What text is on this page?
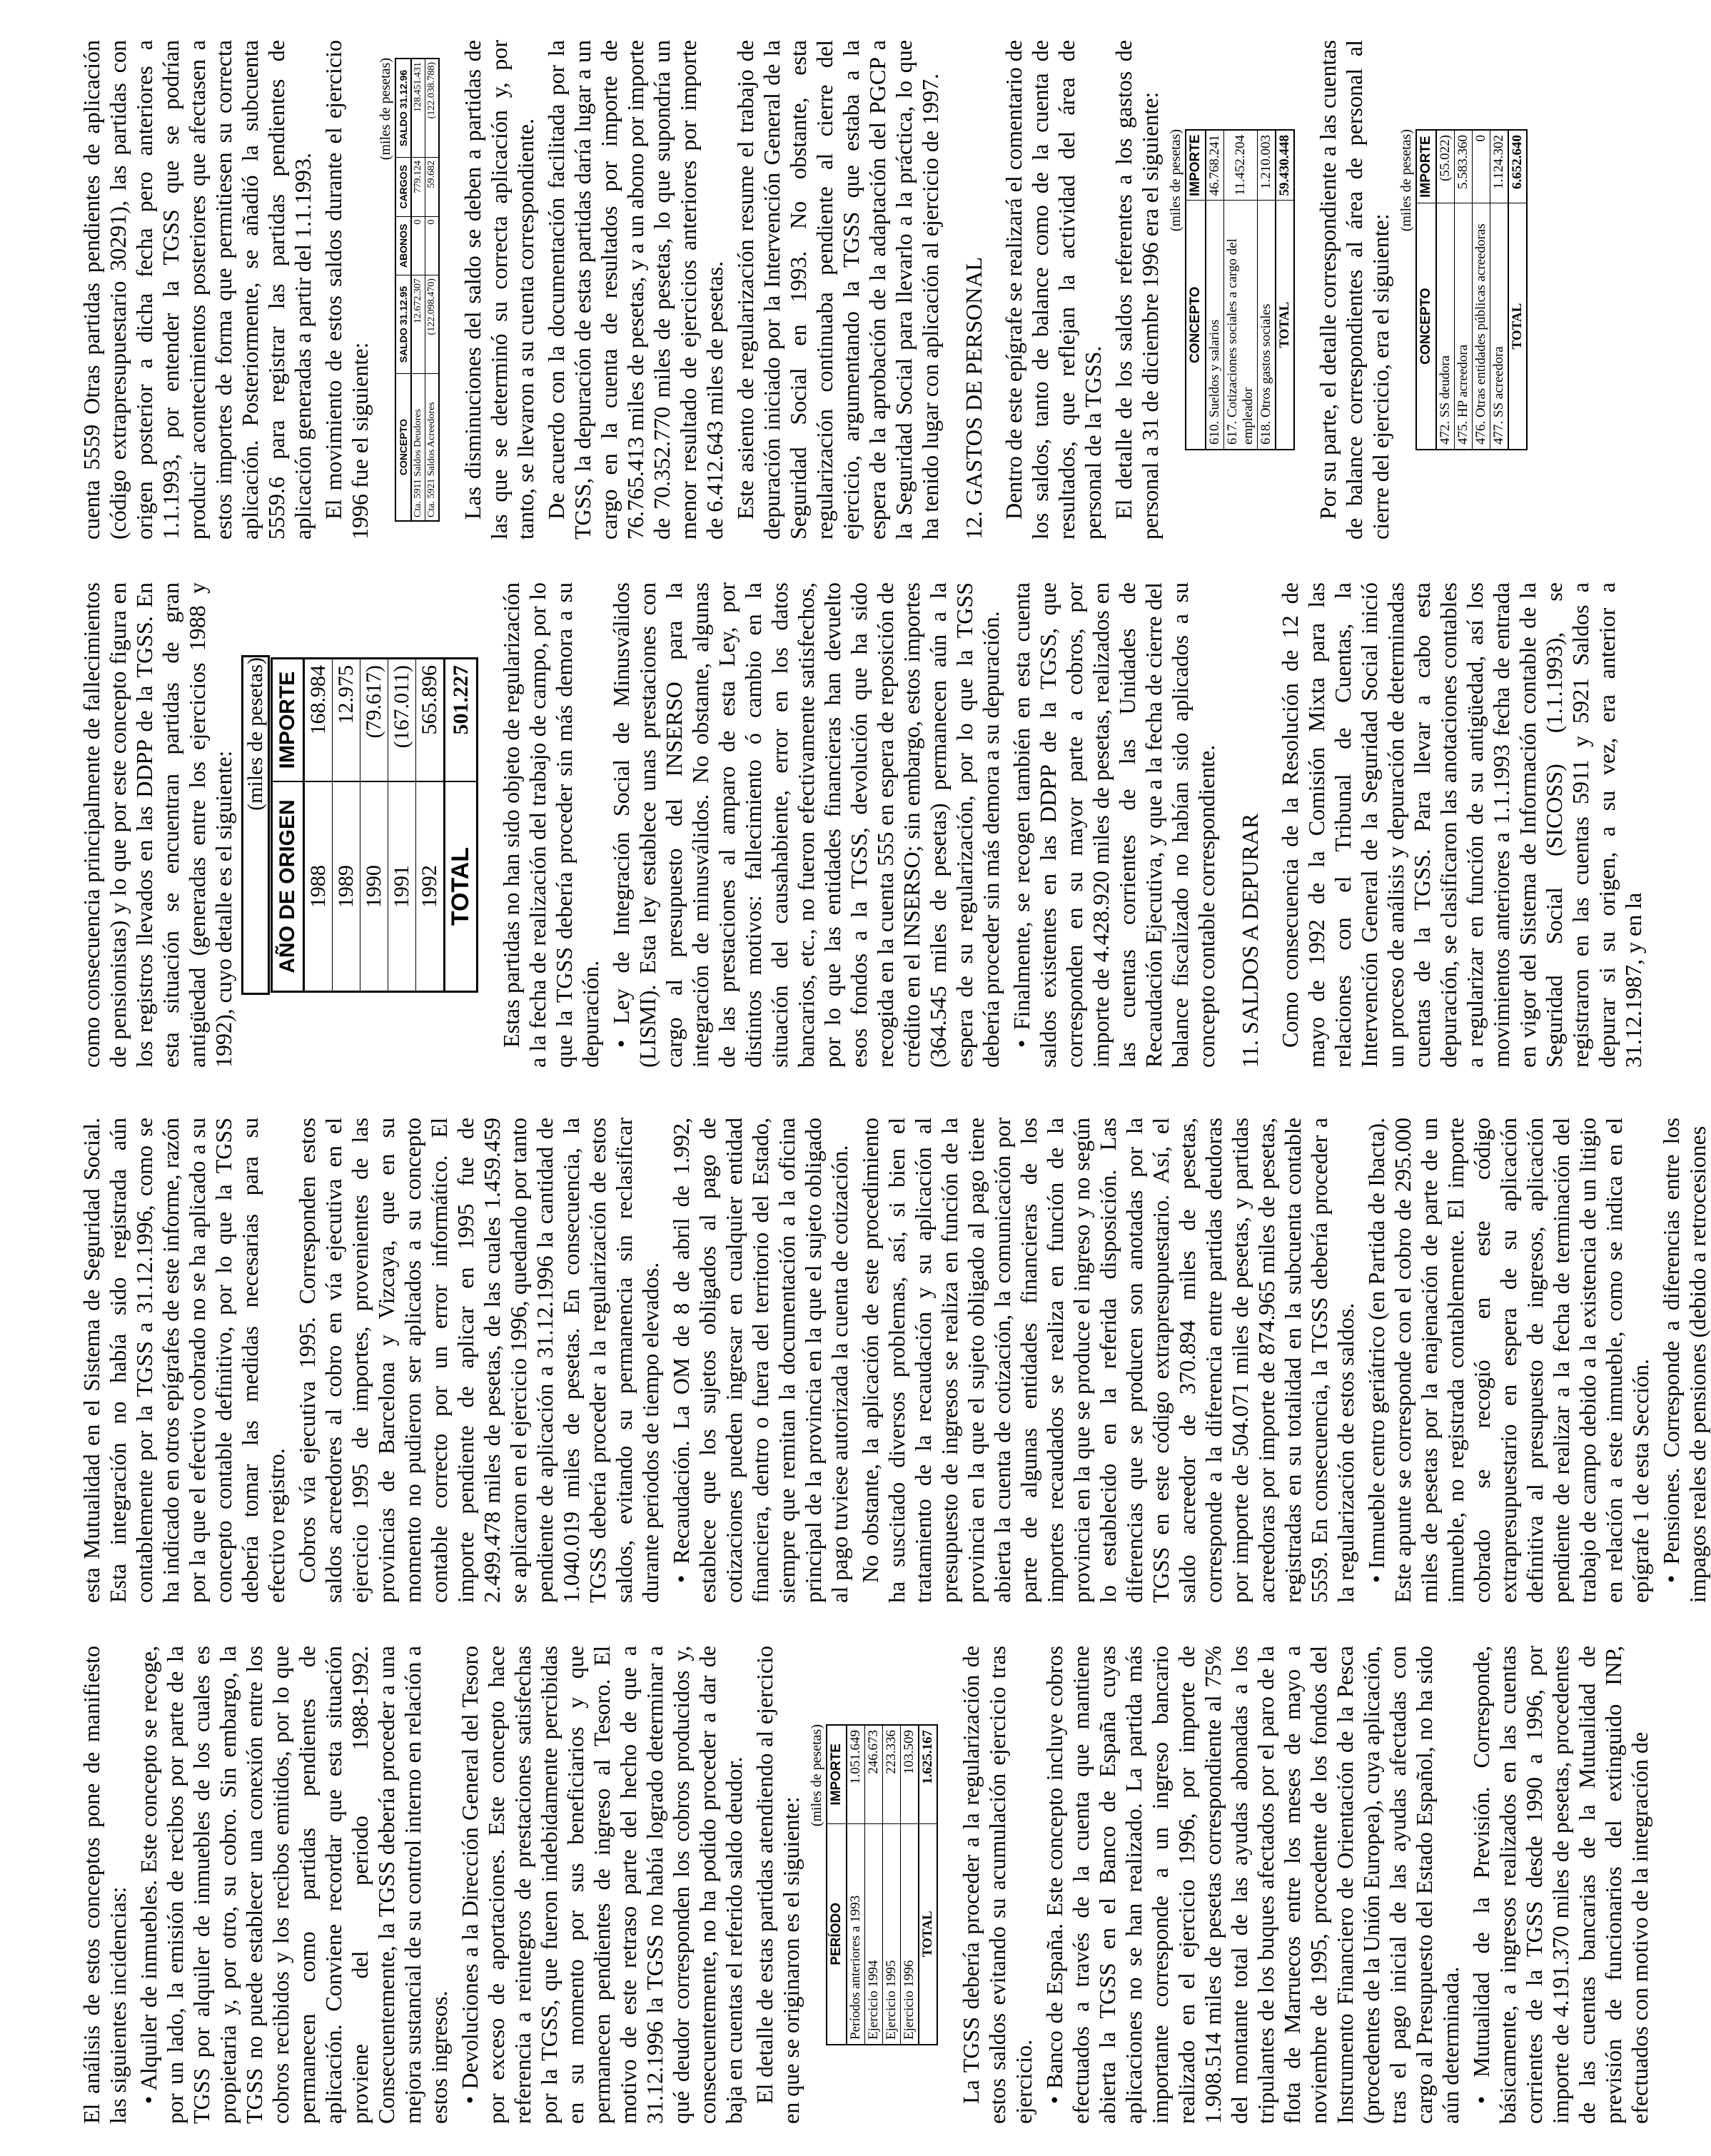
El análisis de estos conceptos pone de manifiesto las siguientes incidencias: • Alquiler de inmuebles. Este concepto se recoge, por un lado, la emisión de recibos por parte de la TGSS por alquiler de inmuebles de los cuales es propietaria y, por otro, su cobro. Sin embargo, la TGSS no puede establecer una conexión entre los cobros recibidos y los recibos emitidos, por lo que permanecen como partidas pendientes de aplicación. Conviene recordar que esta situación proviene del periodo 1988-1992. Consecuentemente, la TGSS debería proceder a una mejora sustancial de su control interno en relación a estos ingresos. • Devoluciones a la Dirección General del Tesoro por exceso de aportaciones. Este concepto hace referencia a reintegros de prestaciones satisfechas por la TGSS, que fueron indebidamente percibidas en su momento por sus beneficiarios y que permanecen pendientes de ingreso al Tesoro. El motivo de este retraso parte del hecho de que a 31.12.1996 la TGSS no había logrado determinar a qué deudor corresponden los cobros producidos y, consecuentemente, no ha podido proceder a dar de baja en cuentas el referido saldo deudor. El detalle de estas partidas atendiendo al ejercicio en que se originaron es el siguiente:

(miles de pesetas)
PERÍODO	IMPORTE
Períodos anteriores a 1993	1.051.649
Ejercicio 1994	246.673
Ejercicio 1995	223.336
Ejercicio 1996	103.509
TOTAL	1.625.167 La TGSS debería proceder a la regularización de estos saldos evitando su acumulación ejercicio tras ejercicio. • Banco de España. Este concepto incluye cobros efectuados a través de la cuenta que mantiene abierta la TGSS en el Banco de España cuyas aplicaciones no se han realizado. La partida más importante corresponde a un ingreso bancario realizado en el ejercicio 1996, por importe de 1.908.514 miles de pesetas correspondiente al 75% del montante total de las ayudas abonadas a los tripulantes de los buques afectados por el paro de la flota de Marruecos entre los meses de mayo a noviembre de 1995, procedente de los fondos del Instrumento Financiero de Orientación de la Pesca (procedentes de la Unión Europea), cuya aplicación, tras el pago inicial de las ayudas afectadas con cargo al Presupuesto del Estado Español, no ha sido aún determinada. • Mutualidad de la Previsión. Corresponde, básicamente, a ingresos realizados en las cuentas corrientes de la TGSS desde 1990 a 1996, por importe de 4.191.370 miles de pesetas, procedentes de las cuentas bancarias de la Mutualidad de previsión de funcionarios del extinguido INP, efectuados con motivo de la integración de

esta Mutualidad en el Sistema de Seguridad Social. Esta integración no había sido registrada aún contablemente por la TGSS a 31.12.1996, como se ha indicado en otros epígrafes de este informe, razón por la que el efectivo cobrado no se ha aplicado a su concepto contable definitivo, por lo que la TGSS debería tomar las medidas necesarias para su efectivo registro. Cobros vía ejecutiva 1995. Corresponden estos saldos acreedores al cobro en vía ejecutiva en el ejercicio 1995 de importes, provenientes de las provincias de Barcelona y Vizcaya, que en su momento no pudieron ser aplicados a su concepto contable correcto por un error informático. El importe pendiente de aplicar en 1995 fue de 2.499.478 miles de pesetas, de las cuales 1.459.459 se aplicaron en el ejercicio 1996, quedando por tanto pendiente de aplicación a 31.12.1996 la cantidad de 1.040.019 miles de pesetas. En consecuencia, la TGSS debería proceder a la regularización de estos saldos, evitando su permanencia sin reclasificar durante periodos de tiempo elevados. • Recaudación. La OM de 8 de abril de 1.992, establece que los sujetos obligados al pago de cotizaciones pueden ingresar en cualquier entidad financiera, dentro o fuera del territorio del Estado, siempre que remitan la documentación a la oficina principal de la provincia en la que el sujeto obligado al pago tuviese autorizada la cuenta de cotización. No obstante, la aplicación de este procedimiento ha suscitado diversos problemas, así, si bien el tratamiento de la recaudación y su aplicación al presupuesto de ingresos se realiza en función de la provincia en la que el sujeto obligado al pago tiene abierta la cuenta de cotización, la comunicación por parte de algunas entidades financieras de los importes recaudados se realiza en función de la provincia en la que se produce el ingreso y no según lo establecido en la referida disposición. Las diferencias que se producen son anotadas por la TGSS en este código extrapresupuestario. Así, el saldo acreedor de 370.894 miles de pesetas, corresponde a la diferencia entre partidas deudoras por importe de 504.071 miles de pesetas, y partidas acreedoras por importe de 874.965 miles de pesetas, registradas en su totalidad en la subcuenta contable 5559. En consecuencia, la TGSS debería proceder a la regularización de estos saldos. • Inmueble centro geriátrico (en Partida de Ibacta). Este apunte se corresponde con el cobro de 295.000 miles de pesetas por la enajenación de parte de un inmueble, no registrada contablemente. El importe cobrado se recogió en este código extrapresupuestario en espera de su aplicación definitiva al presupuesto de ingresos, aplicación pendiente de realizar a la fecha de terminación del trabajo de campo debido a la existencia de un litigio en relación a este inmueble, como se indica en el epígrafe 1 de esta Sección. • Pensiones. Corresponde a diferencias entre los impagos reales de pensiones (debido a retrocesiones

como consecuencia principalmente de fallecimientos de pensionistas) y lo que por este concepto figura en los registros llevados en las DDPP de la TGSS. En esta situación se encuentran partidas de gran antigüedad (generadas entre los ejercicios 1988 y 1992), cuyo detalle es el siguiente:

(miles de pesetas)
AÑO DE ORIGEN	IMPORTE
1988	168.984
1989	12.975
1990	(79.617)
1991	(167.011)
1992	565.896
TOTAL	501.227 Estas partidas no han sido objeto de regularización a la fecha de realización del trabajo de campo, por lo que la TGSS debería proceder sin más demora a su depuración. • Ley de Integración Social de Minusválidos (LISMI). Esta ley establece unas prestaciones con cargo al presupuesto del INSERSO para la integración de minusválidos. No obstante, algunas de las prestaciones al amparo de esta Ley, por distintos motivos: fallecimiento ó cambio en la situación del causahabiente, error en los datos bancarios, etc., no fueron efectivamente satisfechos, por lo que las entidades financieras han devuelto esos fondos a la TGSS, devolución que ha sido recogida en la cuenta 555 en espera de reposición de crédito en el INSERSO; sin embargo, estos importes (364.545 miles de pesetas) permanecen aún a la espera de su regularización, por lo que la TGSS debería proceder sin más demora a su depuración. • Finalmente, se recogen también en esta cuenta saldos existentes en las DDPP de la TGSS, que corresponden en su mayor parte a cobros, por importe de 4.428.920 miles de pesetas, realizados en las cuentas corrientes de las Unidades de Recaudación Ejecutiva, y que a la fecha de cierre del balance fiscalizado no habían sido aplicados a su concepto contable correspondiente. 11. SALDOS A DEPURAR Como consecuencia de la Resolución de 12 de mayo de 1992 de la Comisión Mixta para las relaciones con el Tribunal de Cuentas, la Intervención General de la Seguridad Social inició un proceso de análisis y depuración de determinadas cuentas de la TGSS. Para llevar a cabo esta depuración, se clasificaron las anotaciones contables a regularizar en función de su antigüedad, así los movimientos anteriores a 1.1.1993 fecha de entrada en vigor del Sistema de Información contable de la Seguridad Social (SICOSS) (1.1.1993), se registraron en las cuentas 5911 y 5921 Saldos a depurar si su origen, a su vez, era anterior a 31.12.1987, y en la

cuenta 5559 Otras partidas pendientes de aplicación (código extrapresupuestario 30291), las partidas con origen posterior a dicha fecha pero anteriores a 1.1.1993, por entender la TGSS que se podrían producir acontecimientos posteriores que afectasen a estos importes de forma que permitiesen su correcta aplicación. Posteriormente, se añadió la subcuenta 5559.6 para registrar las partidas pendientes de aplicación generadas a partir del 1.1.1993. El movimiento de estos saldos durante el ejercicio 1996 fue el siguiente:

(miles de pesetas)
CONCEPTO	SALDO 31.12.95	ABONOS	CARGOS	SALDO 31.12.96
Cta. 5911 Saldos Deudores	12.672.307	0	779.124	128.451.431
Cta. 5921 Saldos Acreedores	(122.098.470)	0	59.682	(122.038.788) Las disminuciones del saldo se deben a partidas de las que se determinó su correcta aplicación y, por tanto, se llevaron a su cuenta correspondiente. De acuerdo con la documentación facilitada por la TGSS, la depuración de estas partidas daría lugar a un cargo en la cuenta de resultados por importe de 76.765.413 miles de pesetas, y a un abono por importe de 70.352.770 miles de pesetas, lo que supondría un menor resultado de ejercicios anteriores por importe de 6.412.643 miles de pesetas. Este asiento de regularización resume el trabajo de depuración iniciado por la Intervención General de la Seguridad Social en 1993. No obstante, esta regularización continuaba pendiente al cierre del ejercicio, argumentando la TGSS que estaba a la espera de la aprobación de la adaptación del PGCP a la Seguridad Social para llevarlo a la práctica, lo que ha tenido lugar con aplicación al ejercicio de 1997. 12. GASTOS DE PERSONAL Dentro de este epígrafe se realizará el comentario de los saldos, tanto de balance como de la cuenta de resultados, que reflejan la actividad del área de personal de la TGSS. El detalle de los saldos referentes a los gastos de personal a 31 de diciembre 1996 era el siguiente: (miles de pesetas)
CONCEPTO	IMPORTE
610. Sueldos y salarios	46.768.241
617. Cotizaciones sociales a cargo del empleador	11.452.204
618. Otros gastos sociales	1.210.003
TOTAL	59.430.448 Por su parte, el detalle correspondiente a las cuentas de balance correspondientes al área de personal al cierre del ejercicio, era el siguiente:

(miles de pesetas)
CONCEPTO	IMPORTE
472. SS deudora	(55.022)
475. HP acreedora	5.583.360
476. Otras entidades públicas acreedoras	0
477. SS acreedora	1.124.302
TOTAL	6.652.640
